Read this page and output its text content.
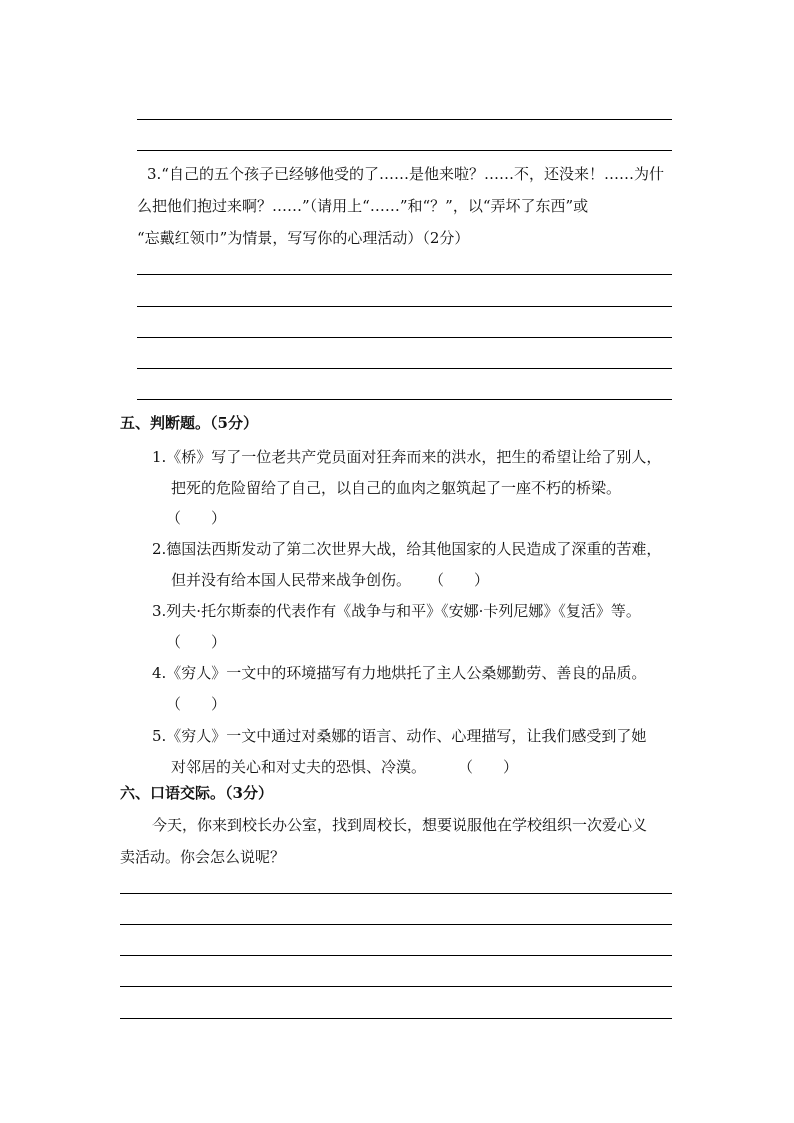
3.“自己的五个孩子已经够他受的了……是他来啦？……不，还没来！……为什
么把他们抱过来啊？……”（请用上“……”和“？”，以“弄坏了东西”或
“忘戴红领巾”为情景，写写你的心理活动）（2分）
五、判断题。（5分）
1.《桥》写了一位老共产党员面对狂奔而来的洪水，把生的希望让给了别人，
把死的危险留给了自己，以自己的血肉之躯筑起了一座不朽的桥梁。
（　　）
2.德国法西斯发动了第二次世界大战，给其他国家的人民造成了深重的苦难，
但并没有给本国人民带来战争创伤。 （　　）
3.列夫·托尔斯泰的代表作有《战争与和平》《安娜·卡列尼娜》《复活》等。
（　　）
4.《穷人》一文中的环境描写有力地烘托了主人公桑娜勤劳、善良的品质。
（　　）
5.《穷人》一文中通过对桑娜的语言、动作、心理描写，让我们感受到了她
对邻居的关心和对丈夫的恐惧、冷漠。 （　　）
六、口语交际。（3分）
今天，你来到校长办公室，找到周校长，想要说服他在学校组织一次爱心义
卖活动。你会怎么说呢？
